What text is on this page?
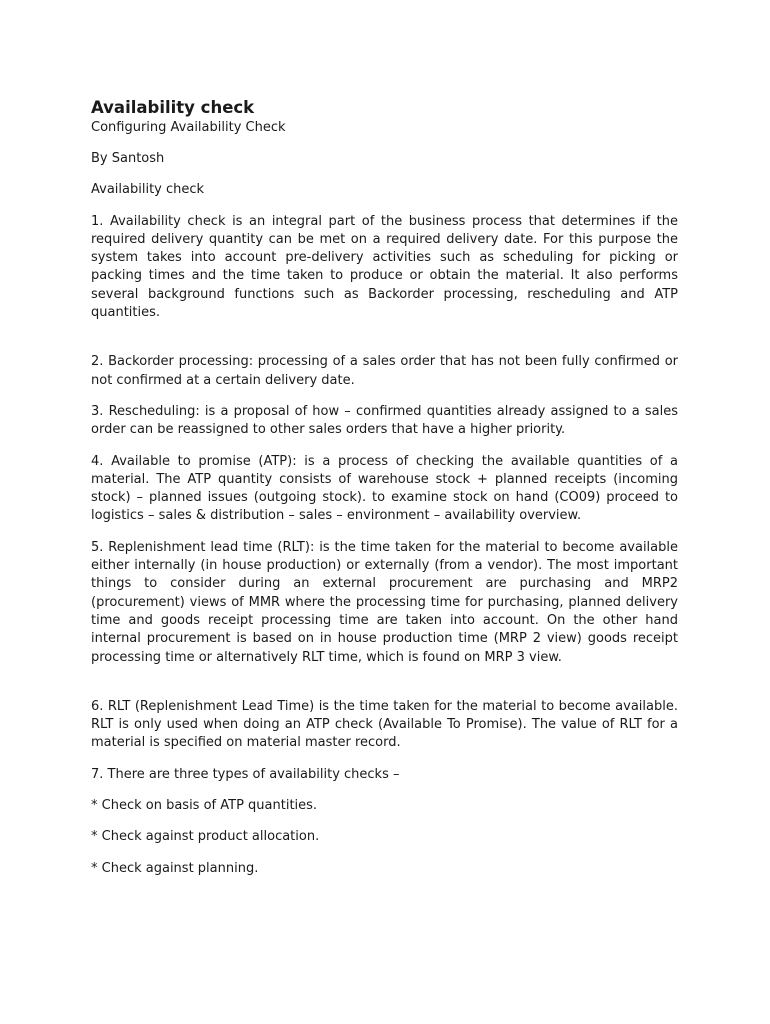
Availability check
Configuring Availability Check

By Santosh

Availability check

1. Availability check is an integral part of the business process that determines if the required delivery quantity can be met on a required delivery date. For this purpose the system takes into account pre-delivery activities such as scheduling for picking or packing times and the time taken to produce or obtain the material. It also performs several background functions such as Backorder processing, rescheduling and ATP quantities.

2. Backorder processing: processing of a sales order that has not been fully confirmed or not confirmed at a certain delivery date.

3. Rescheduling: is a proposal of how – confirmed quantities already assigned to a sales order can be reassigned to other sales orders that have a higher priority.

4. Available to promise (ATP): is a process of checking the available quantities of a material. The ATP quantity consists of warehouse stock + planned receipts (incoming stock) – planned issues (outgoing stock). to examine stock on hand (CO09) proceed to logistics – sales & distribution – sales – environment – availability overview.

5. Replenishment lead time (RLT): is the time taken for the material to become available either internally (in house production) or externally (from a vendor). The most important things to consider during an external procurement are purchasing and MRP2 (procurement) views of MMR where the processing time for purchasing, planned delivery time and goods receipt processing time are taken into account. On the other hand internal procurement is based on in house production time (MRP 2 view) goods receipt processing time or alternatively RLT time, which is found on MRP 3 view.

6. RLT (Replenishment Lead Time) is the time taken for the material to become available. RLT is only used when doing an ATP check (Available To Promise). The value of RLT for a material is specified on material master record.

7. There are three types of availability checks –

* Check on basis of ATP quantities.

* Check against product allocation.

* Check against planning.
